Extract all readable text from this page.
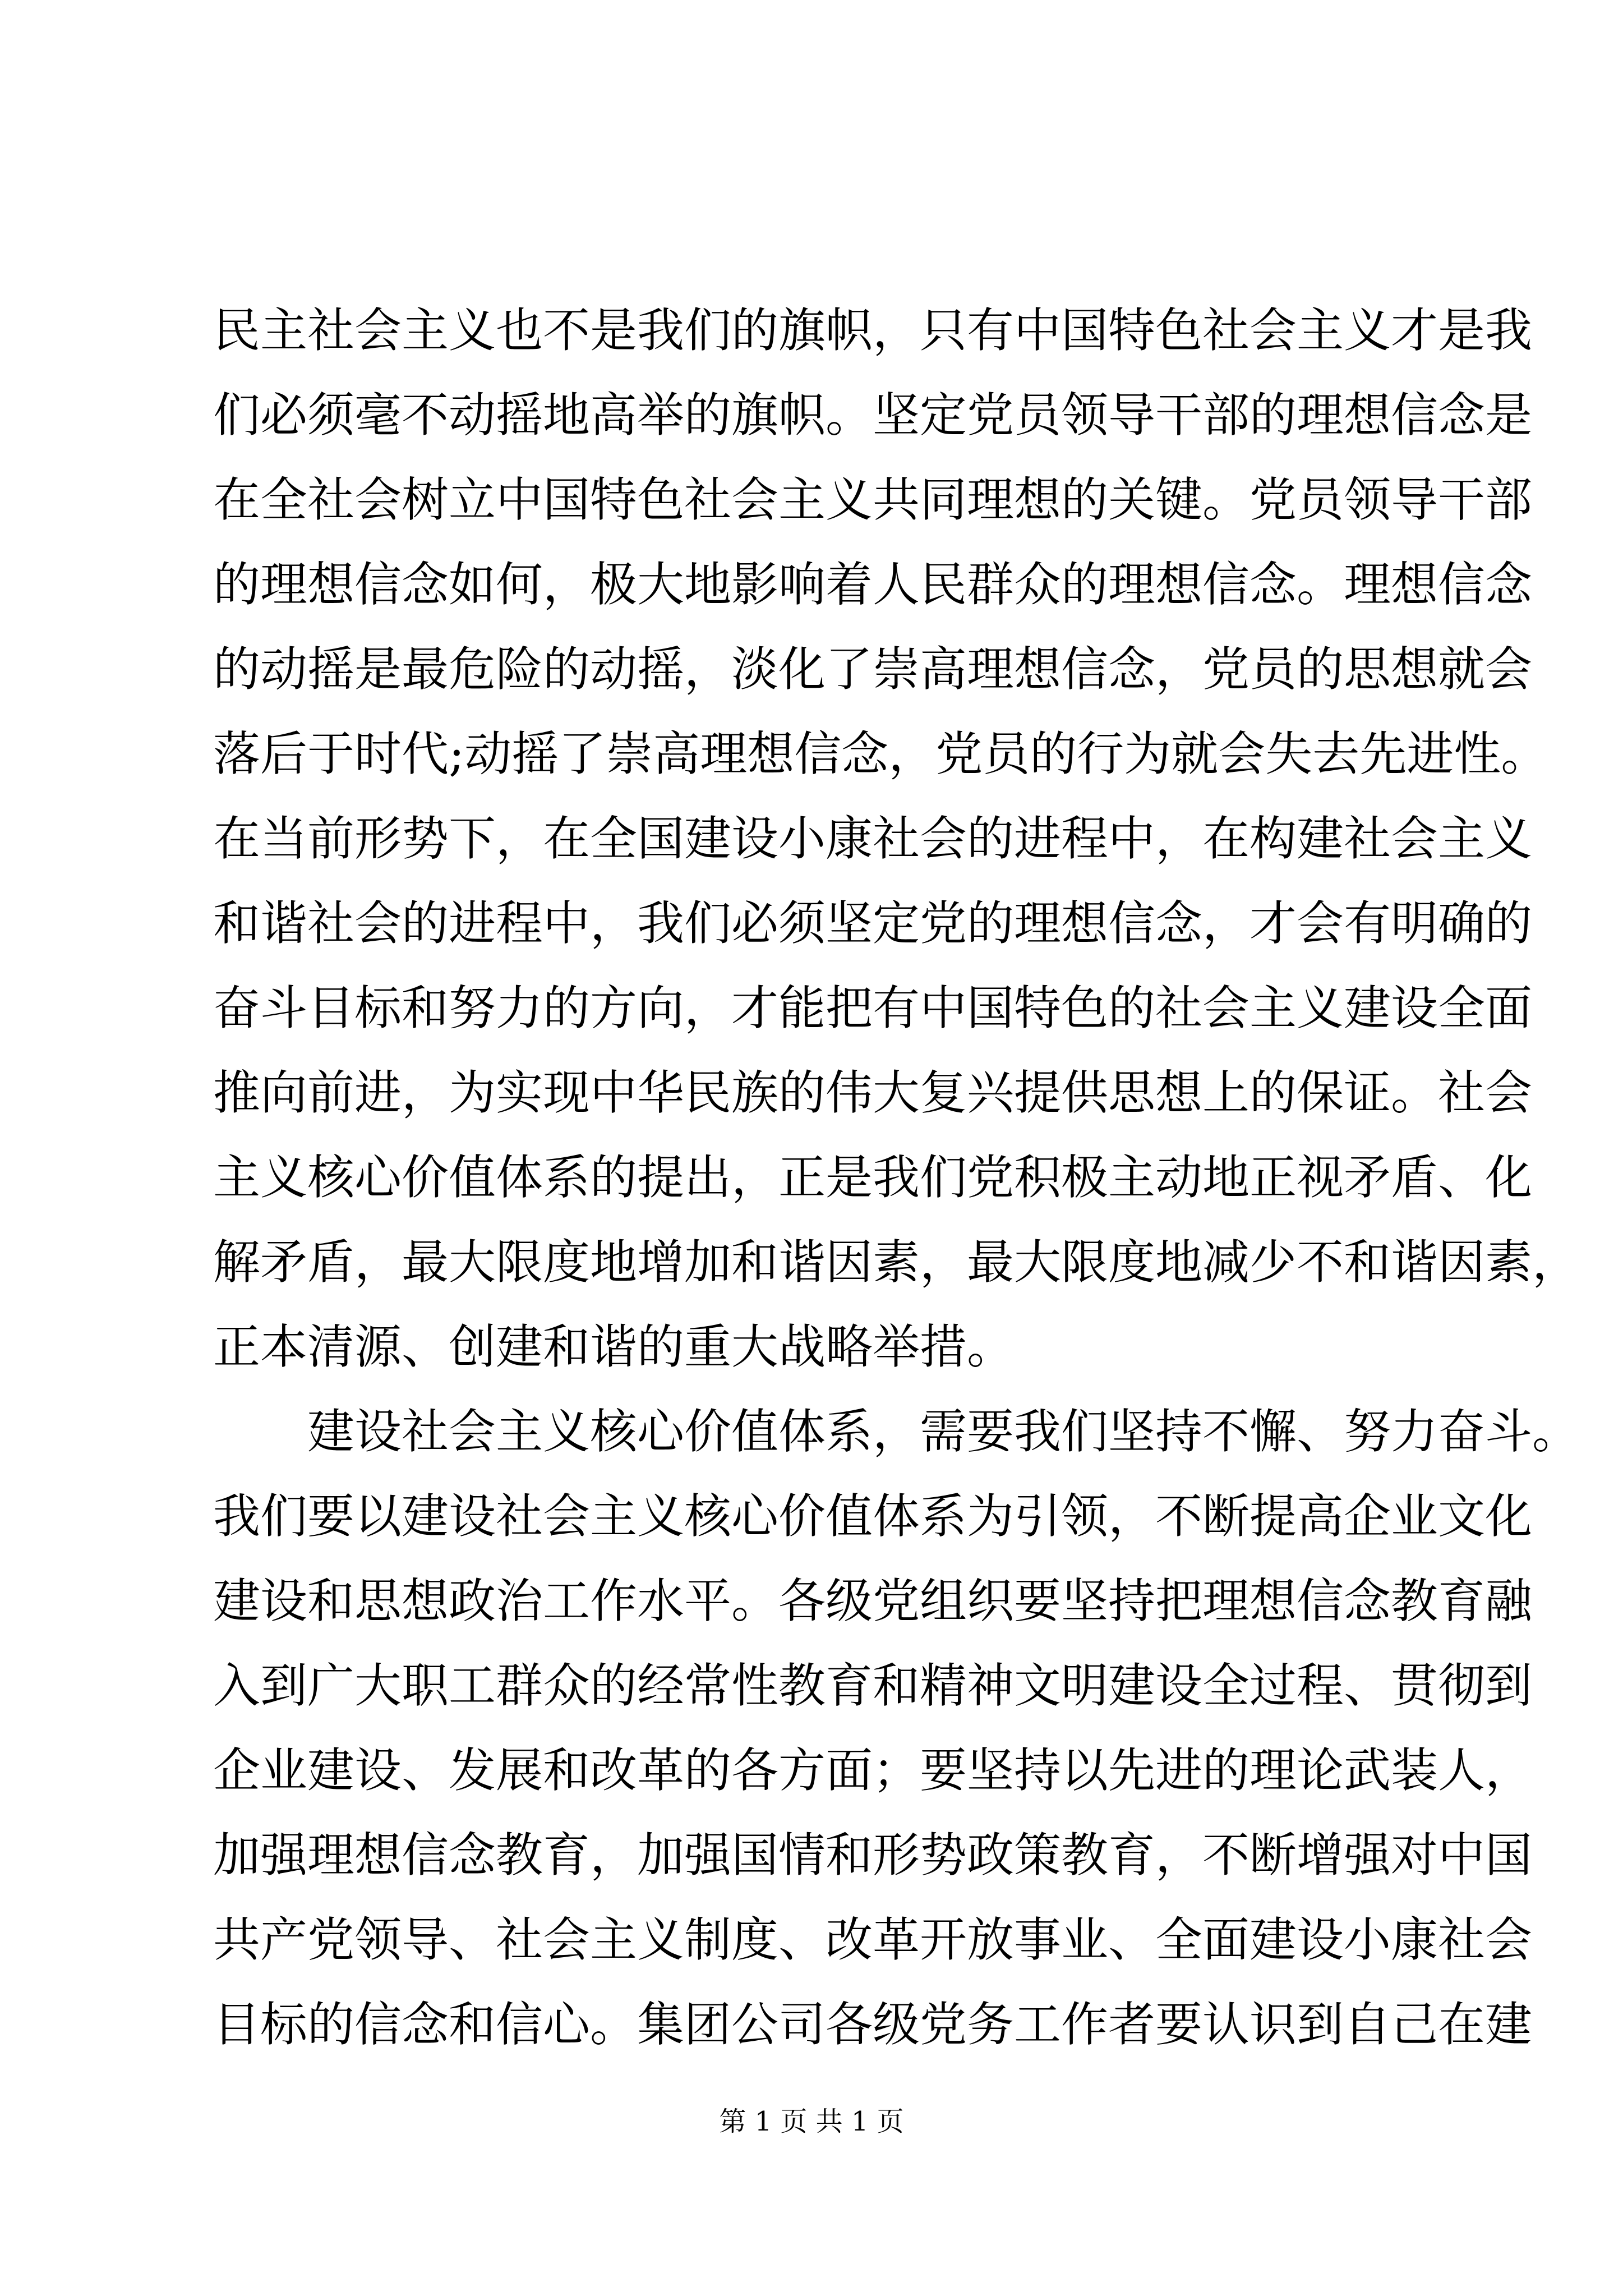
民主社会主义也不是我们的旗帜，只有中国特色社会主义才是我
们必须毫不动摇地高举的旗帜。坚定党员领导干部的理想信念是
在全社会树立中国特色社会主义共同理想的关键。党员领导干部
的理想信念如何，极大地影响着人民群众的理想信念。理想信念
的动摇是最危险的动摇，淡化了崇高理想信念，党员的思想就会
落后于时代;动摇了崇高理想信念，党员的行为就会失去先进性。
在当前形势下，在全国建设小康社会的进程中，在构建社会主义
和谐社会的进程中，我们必须坚定党的理想信念，才会有明确的
奋斗目标和努力的方向，才能把有中国特色的社会主义建设全面
推向前进，为实现中华民族的伟大复兴提供思想上的保证。社会
主义核心价值体系的提出，正是我们党积极主动地正视矛盾、化
解矛盾，最大限度地增加和谐因素，最大限度地减少不和谐因素，
正本清源、创建和谐的重大战略举措。
建设社会主义核心价值体系，需要我们坚持不懈、努力奋斗。
我们要以建设社会主义核心价值体系为引领，不断提高企业文化
建设和思想政治工作水平。各级党组织要坚持把理想信念教育融
入到广大职工群众的经常性教育和精神文明建设全过程、贯彻到
企业建设、发展和改革的各方面；要坚持以先进的理论武装人，
加强理想信念教育，加强国情和形势政策教育，不断增强对中国
共产党领导、社会主义制度、改革开放事业、全面建设小康社会
目标的信念和信心。集团公司各级党务工作者要认识到自己在建
第 1 页 共 1 页
